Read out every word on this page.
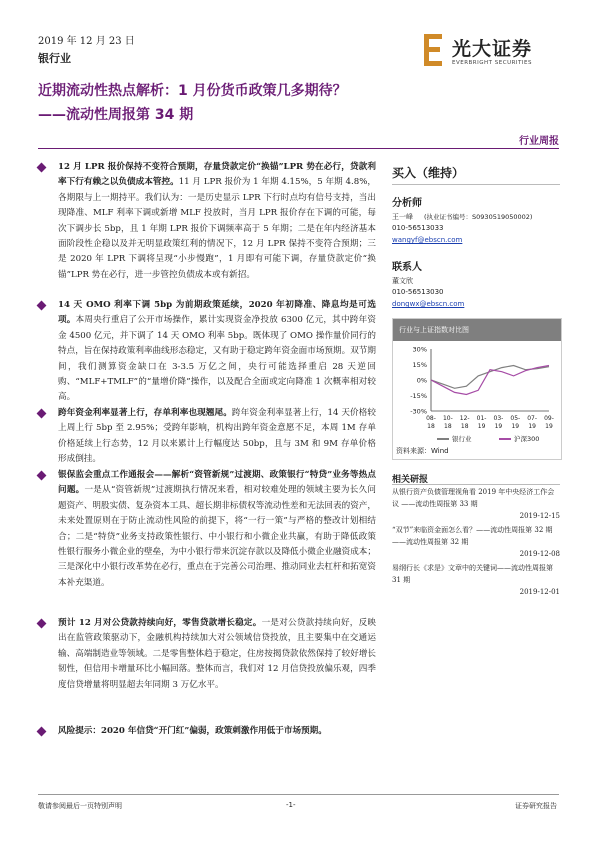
2019 年 12 月 23 日
银行业	光大证券
EVERBRIGHT SECURITIES
近期流动性热点解析：1 月份货币政策几多期待？
——流动性周报第 34 期
行业周报
12 月 LPR 报价保持不变符合预期，存量贷款定价“换锚”LPR 势在必行，贷款利率下行有赖之以负债成本管控。11 月 LPR 报价为 1 年期 4.15%，5 年期 4.8%，各期限与上一期持平。我们认为：一是历史显示 LPR 下行时点均有信号支持，当出现降准、MLF 利率下调或新增 MLF 投放时，当月 LPR 报价存在下调的可能，每次下调步长 5bp，且 1 年期 LPR 报价下调频率高于 5 年期；二是在年内经济基本面阶段性企稳以及并无明显政策红利的情况下，12 月 LPR 保持不变符合预期；三是 2020 年 LPR 下调将呈现“小步慢跑”，1 月即有可能下调，存量贷款定价“换锚”LPR 势在必行，进一步管控负债成本或有新招。
14 天 OMO 利率下调 5bp 为前期政策延续，2020 年初降准、降息均是可选项。本周央行重启了公开市场操作，累计实现资金净投放 6300 亿元，其中跨年资金 4500 亿元，并下调了 14 天 OMO 利率 5bp。既体现了 OMO 操作量价同行的特点，旨在保持政策利率曲线形态稳定，又有助于稳定跨年资金面市场预期。双节期间，我们测算资金缺口在 3-3.5 万亿之间，央行可能选择重启 28 天逆回购、“MLF+TMLF”的“量增价降”操作，以及配合全面或定向降准 1 次概率相对较高。
跨年资金利率显著上行，存单利率也现翘尾。跨年资金利率显著上行，14 天价格较上周上行 5bp 至 2.95%；受跨年影响，机构出跨年资金意愿不足，本周 1M 存单价格延续上行态势，12 月以来累计上行幅度达 50bp，且与 3M 和 9M 存单价格形成倒挂。
银保监会重点工作通报会——解析“资管新规”过渡期、政策银行“特贷”业务等热点问题。一是从“资管新规”过渡期执行情况来看，相对较难处理的领域主要为长久问题资产、明股实债、复杂资本工具、超长期非标债权等流动性差和无法回表的资产，未来处置原则在于防止流动性风险的前提下，将“一行一策”与严格的整改计划相结合；二是“特贷”业务支持政策性银行、中小银行和小微企业共赢，有助于降低政策性银行服务小微企业的壁垒，为中小银行带来沉淀存款以及降低小微企业融资成本；三是深化中小银行改革势在必行，重点在于完善公司治理、推动同业去杠杆和拓宽资本补充渠道。
预计 12 月对公贷款持续向好，零售贷款增长稳定。一是对公贷款持续向好，反映出在监管政策驱动下，金融机构持续加大对公领域信贷投放，且主要集中在交通运输、高端制造业等领域。二是零售整体趋于稳定，住房按揭贷款依然保持了较好增长韧性，但信用卡增量环比小幅回落。整体而言，我们对 12 月信贷投放偏乐观，四季度信贷增量将明显超去年同期 3 万亿水平。
风险提示：2020 年信贷“开门红”偏弱，政策刺激作用低于市场预期。
买入（维持）
分析师
王一峰 (执业证书编号：S0930519050002)
010-56513033
wangyf@ebscn.com
联系人
董文欣
010-56513030
dongwx@ebscn.com
行业与上证指数对比图
30%
15%
0%
-15%
-30%
08-
18
10-
18
12-
18
01-
19
03-
19
05-
19
07-
19
09-
19
银行业	沪深300
资料来源：Wind
相关研报
从银行资产负债管理视角看 2019 年中央经济工作会议 ——流动性周报第 33 期
2019-12-15
“双节”来临资金面怎么看？——流动性周报第 32 期——流动性周报第 32 期
2019-12-08
易纲行长《求是》文章中的关键词——流动性周报第 31 期
2019-12-01
敬请参阅最后一页特别声明	-1-	证券研究报告
